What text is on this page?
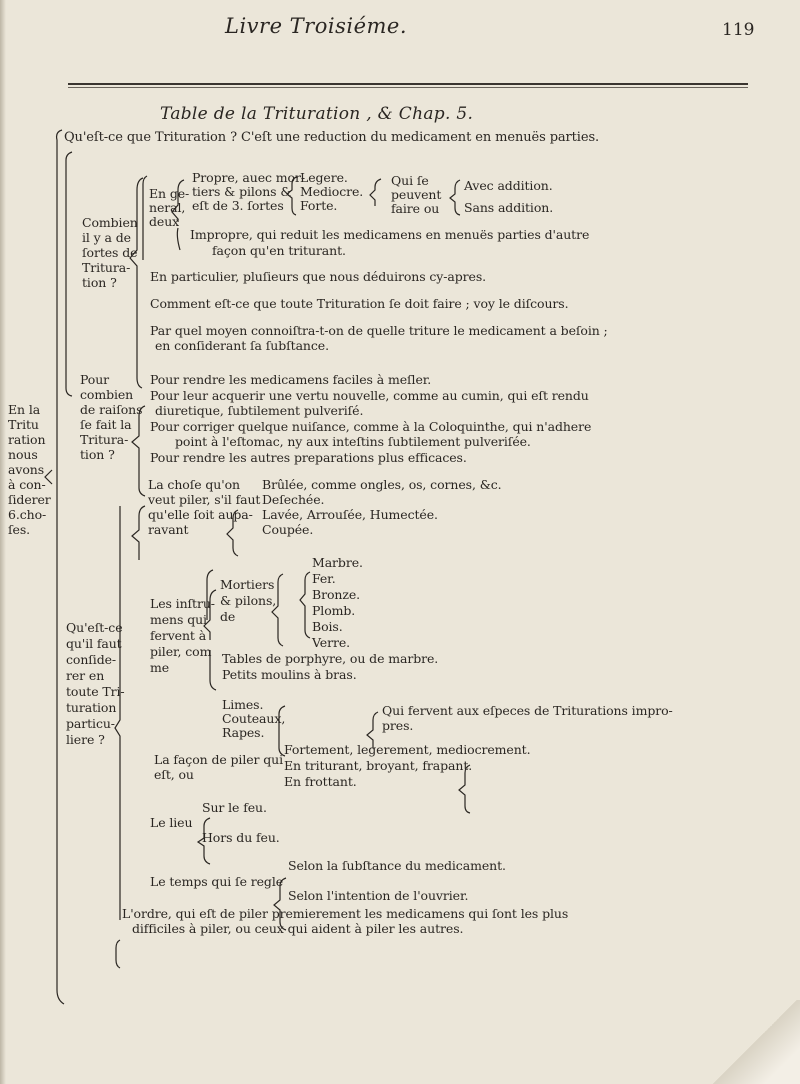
Livre Troisiéme.	119
Table de la Trituration , & Chap. 5.
Qu'eſt-ce que Trituration ? C'eſt une reduction du medicament en menuës parties.
Combien
il y a de
ſortes de
Tritura-
tion ?
En ge-
neral,
deux
Propre, auec mor-
tiers & pilons &
eſt de 3. ſortes
Legere.
Mediocre.
Forte.
Qui ſe
peuvent
faire ou
Avec addition.
Sans addition.
Impropre, qui reduit les medicamens en menuës parties d'autre
façon qu'en triturant.
En particulier, pluſieurs que nous déduirons cy-apres.
Comment eſt-ce que toute Trituration ſe doit faire ; voy le diſcours.
Par quel moyen connoiſtra-t-on de quelle triture le medicament a beſoin ;
en conſiderant ſa ſubſtance.
En la
Tritu
ration
nous
avons
à con-
ſiderer
6.cho-
ſes.
Pour
combien
de raiſons
ſe fait la
Tritura-
tion ?
Pour rendre les medicamens faciles à meſler.
Pour leur acquerir une vertu nouvelle, comme au cumin, qui eſt rendu
diuretique, ſubtilement pulveriſé.
Pour corriger quelque nuiſance, comme à la Coloquinthe, qui n'adhere
point à l'eſtomac, ny aux inteſtins ſubtilement pulveriſée.
Pour rendre les autres preparations plus efficaces.
La choſe qu'on
veut piler, s'il faut
qu'elle ſoit aupa-
ravant
Brûlée, comme ongles, os, cornes, &c.
Deſechée.
Lavée, Arrouſée, Humectée.
Coupée.
Qu'eſt-ce
qu'il faut
conſide-
rer en
toute Tri-
turation
particu-
liere ?
Les inſtru-
mens qui
fervent à
piler, com
me
Mortiers
& pilons,
de
Marbre.
Fer.
Bronze.
Plomb.
Bois.
Verre.
Tables de porphyre, ou de marbre.
Petits moulins à bras.
Limes.
Couteaux,
Rapes.
Qui fervent aux eſpeces de Triturations impro-
pres.
La façon de piler qui
eſt, ou
Fortement, legerement, mediocrement.
En triturant, broyant, frapant.
En frottant.
Le lieu
Sur le feu.
Hors du feu.
Le temps qui ſe regle
Selon la ſubſtance du medicament.
Selon l'intention de l'ouvrier.
L'ordre, qui eſt de piler premierement les medicamens qui ſont les plus
difficiles à piler, ou ceux qui aident à piler les autres.
